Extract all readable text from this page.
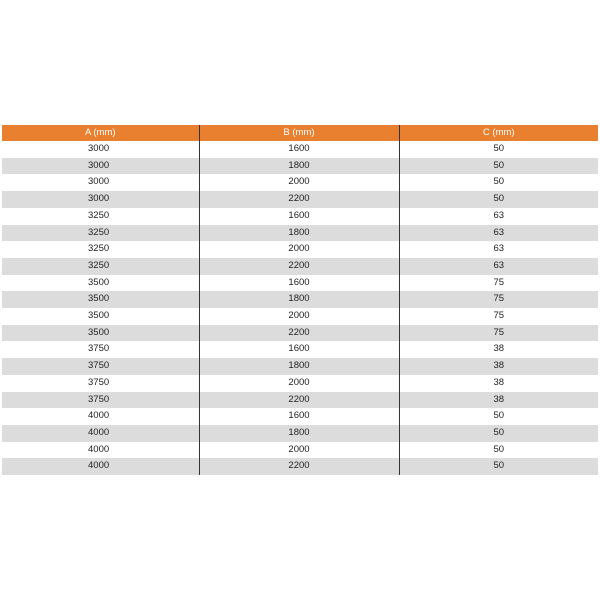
A (mm)	B (mm)	C (mm)
3000	1600	50
3000	1800	50
3000	2000	50
3000	2200	50
3250	1600	63
3250	1800	63
3250	2000	63
3250	2200	63
3500	1600	75
3500	1800	75
3500	2000	75
3500	2200	75
3750	1600	38
3750	1800	38
3750	2000	38
3750	2200	38
4000	1600	50
4000	1800	50
4000	2000	50
4000	2200	50
